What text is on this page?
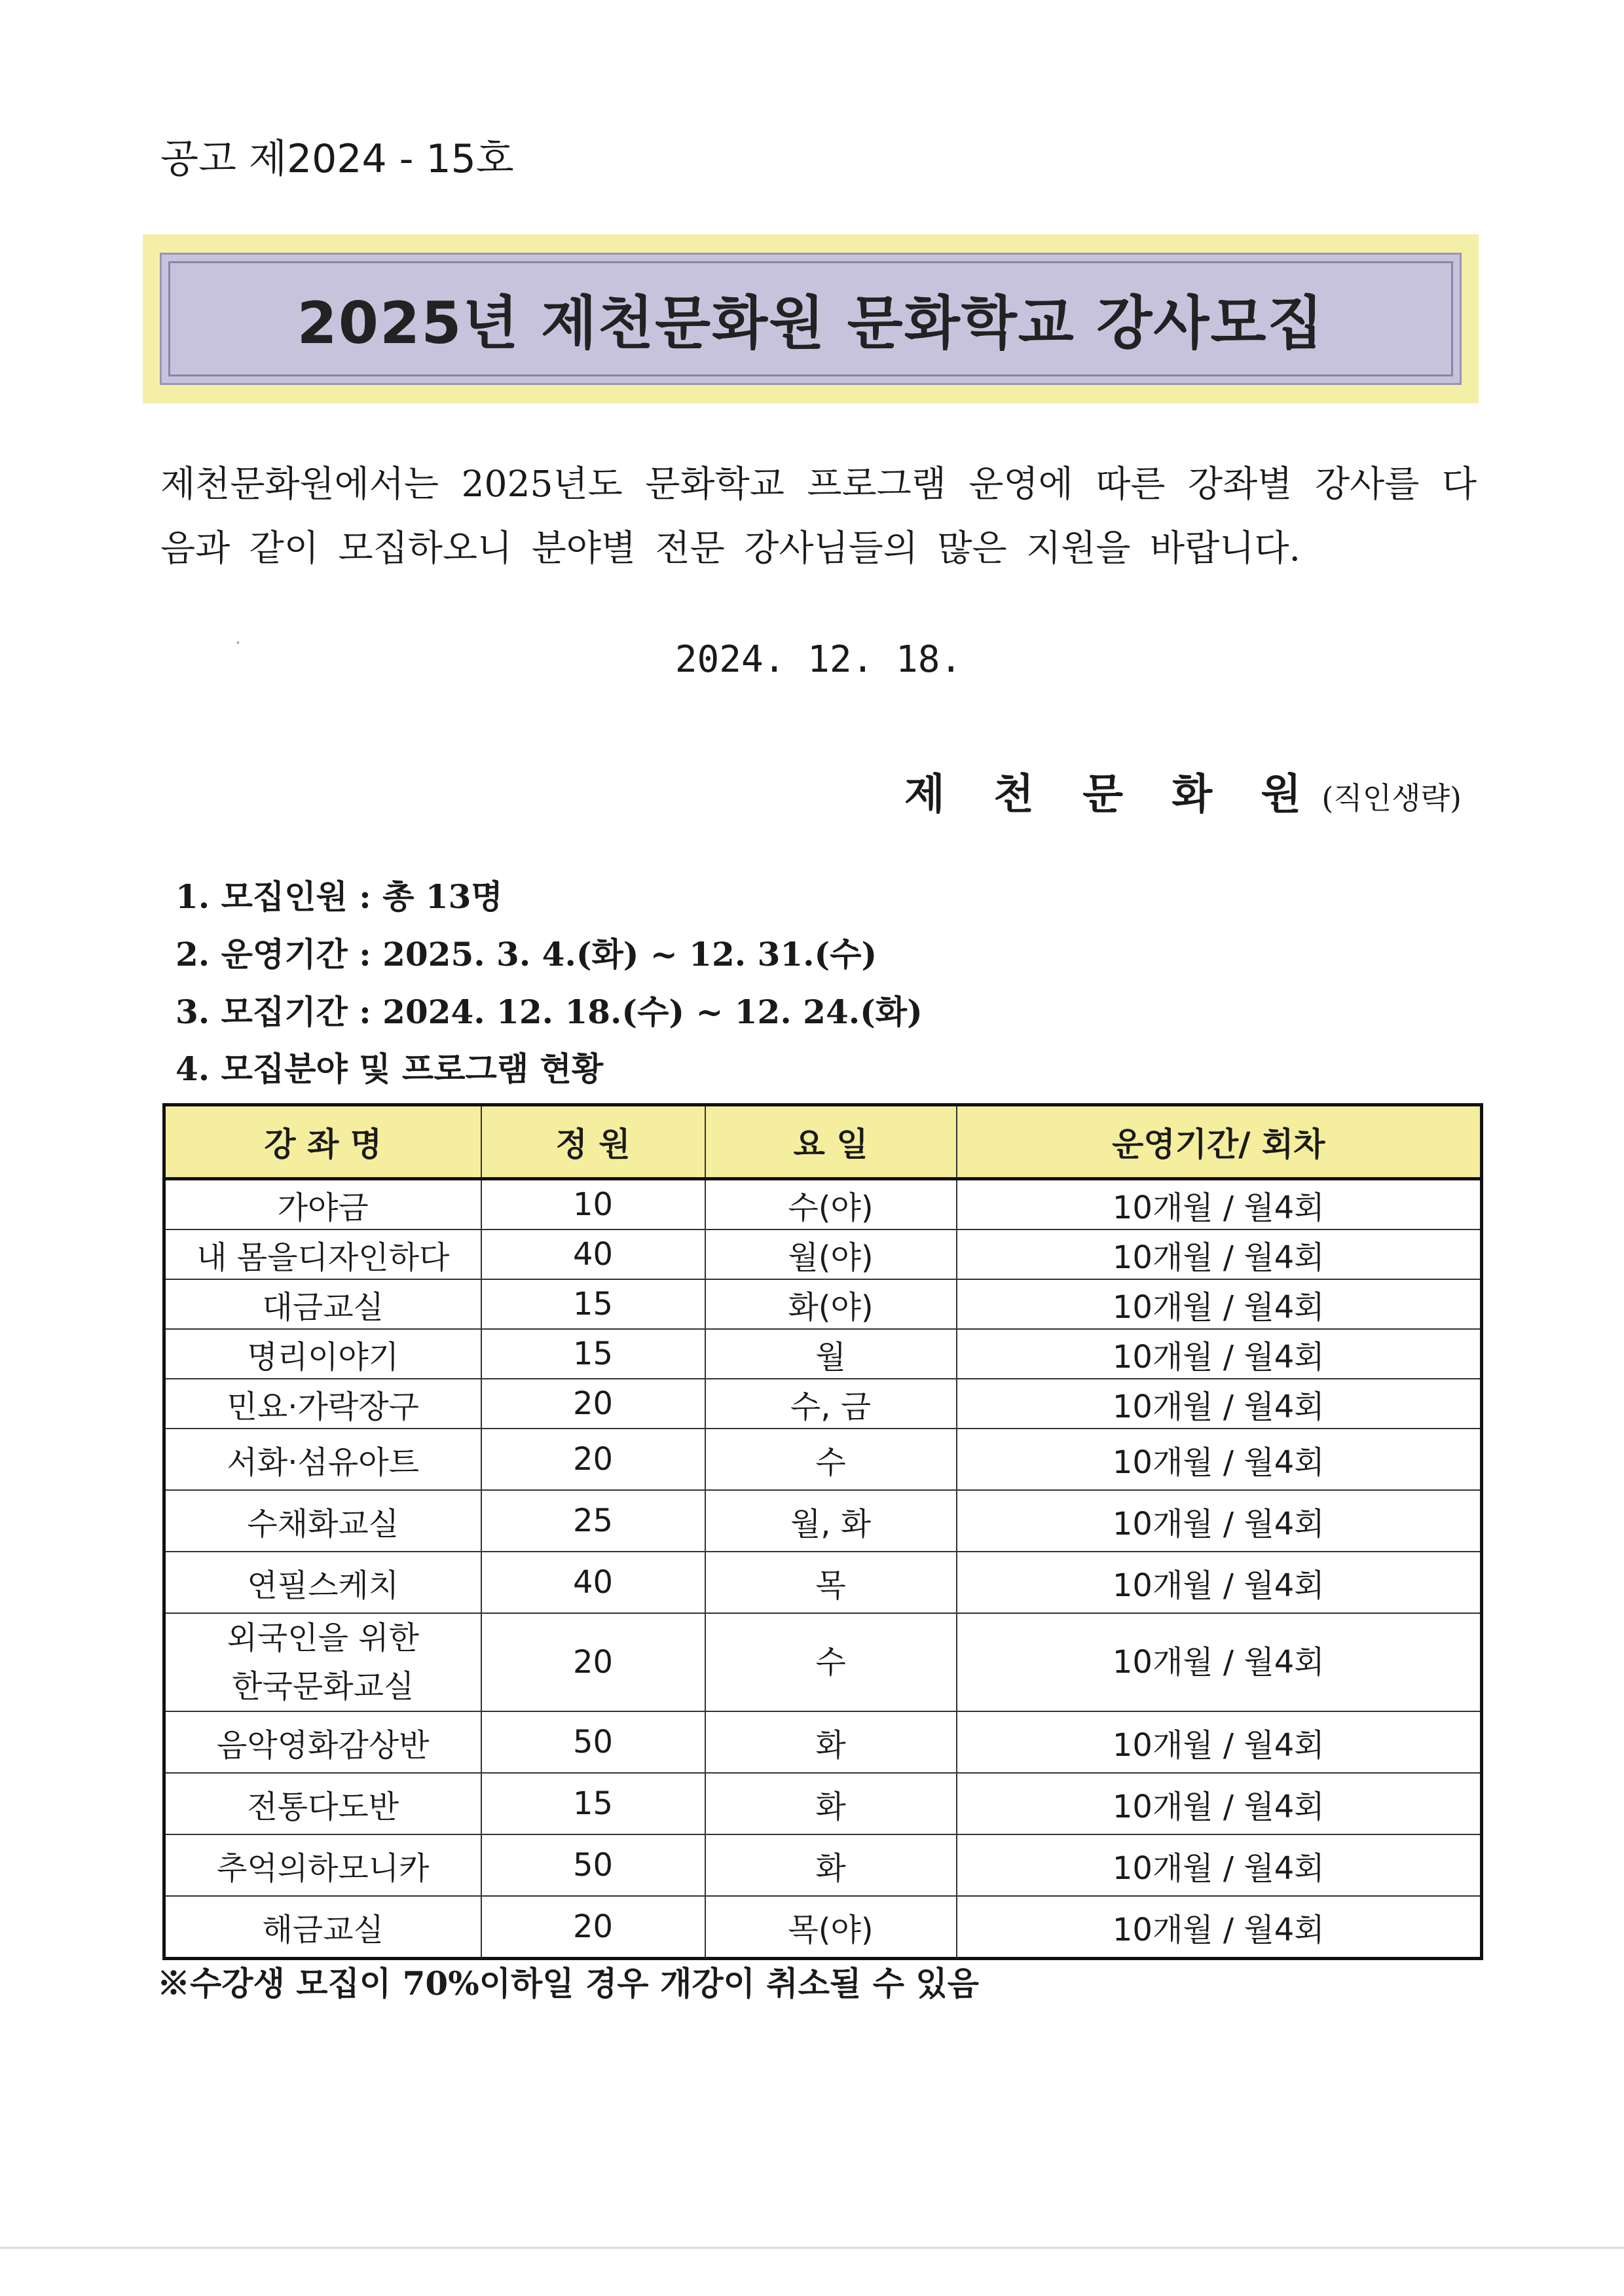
공고 제2024 - 15호
2025년 제천문화원 문화학교 강사모집
제천문화원에서는 2025년도 문화학교 프로그램 운영에 따른 강좌별 강사를 다음과 같이 모집하오니 분야별 전문 강사님들의 많은 지원을 바랍니다.
2024. 12. 18.
제 천 문 화 원 (직인생략)
1. 모집인원 : 총 13명
2. 운영기간 : 2025. 3. 4.(화) ~ 12. 31.(수)
3. 모집기간 : 2024. 12. 18.(수) ~ 12. 24.(화)
4. 모집분야 및 프로그램 현황
강 좌 명	정 원	요 일	운영기간/ 회차
가야금	10	수(야)	10개월 / 월4회
내 몸을디자인하다	40	월(야)	10개월 / 월4회
대금교실	15	화(야)	10개월 / 월4회
명리이야기	15	월	10개월 / 월4회
민요·가락장구	20	수, 금	10개월 / 월4회
서화·섬유아트	20	수	10개월 / 월4회
수채화교실	25	월, 화	10개월 / 월4회
연필스케치	40	목	10개월 / 월4회

외국인을 위한
한국문화교실	20	수	10개월 / 월4회
음악영화감상반	50	화	10개월 / 월4회
전통다도반	15	화	10개월 / 월4회
추억의하모니카	50	화	10개월 / 월4회
해금교실	20	목(야)	10개월 / 월4회
※수강생 모집이 70%이하일 경우 개강이 취소될 수 있음
